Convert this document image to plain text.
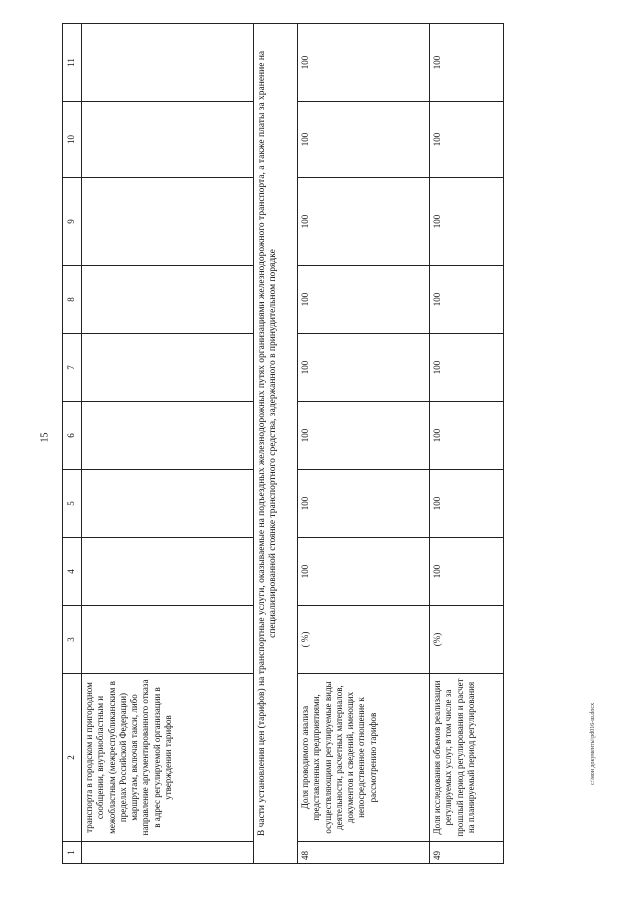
15
1	2	3	4	5	6	7	8	9	10	11
	транспорта в городском и пригородном сообщении, внутриобластным и межобластным (межреспубликанским в пределах Российской Федерации) маршрутам, включая такси, либо направление аргументированного отказа в адрес регулируемой организации в утверждении тарифов									
В части установления цен (тарифов) на транспортные услуги, оказываемые на подъездных железнодорожных путях организациями железнодорожного транспорта, а также платы за хранение на специализированной стоянке транспортного средства, задержанного в принудительном порядке										
48	Доля проводимого анализа представленных предприятиями, осуществляющими регулируемые виды деятельности, расчетных материалов, документов и сведений, имеющих непосредственное отношение к рассмотрению тарифов	( %)	100	100	100	100	100	100	100	100
49	Доля исследования объемов реализации регулируемых услуг, в том числе за прошлый период регулирования и расчет на планируемый период регулирования	(%)	100	100	100	100	100	100	100	100
c:\мои документы\pd016-ш.docx
